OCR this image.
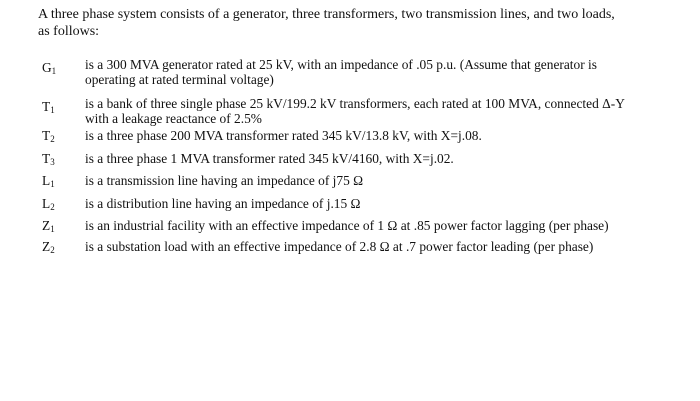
A three phase system consists of a generator, three transformers, two transmission lines, and two loads,
as follows:
$G_1$	is a 300 MVA generator rated at 25 kV, with an impedance of .05 p.u. (Assume that generator is
operating at rated terminal voltage)
$T_1$	is a bank of three single phase 25 kV/199.2 kV transformers, each rated at 100 MVA, connected Δ-Y
with a leakage reactance of 2.5%
$T_2$	is a three phase 200 MVA transformer rated 345 kV/13.8 kV, with X=j.08.
$T_3$	is a three phase 1 MVA transformer rated 345 kV/4160, with X=j.02.
$L_1$	is a transmission line having an impedance of j75 Ω
$L_2$	is a distribution line having an impedance of j.15 Ω
$Z_1$	is an industrial facility with an effective impedance of 1 Ω at .85 power factor lagging (per phase)
$Z_2$	is a substation load with an effective impedance of 2.8 Ω at .7 power factor leading (per phase)
